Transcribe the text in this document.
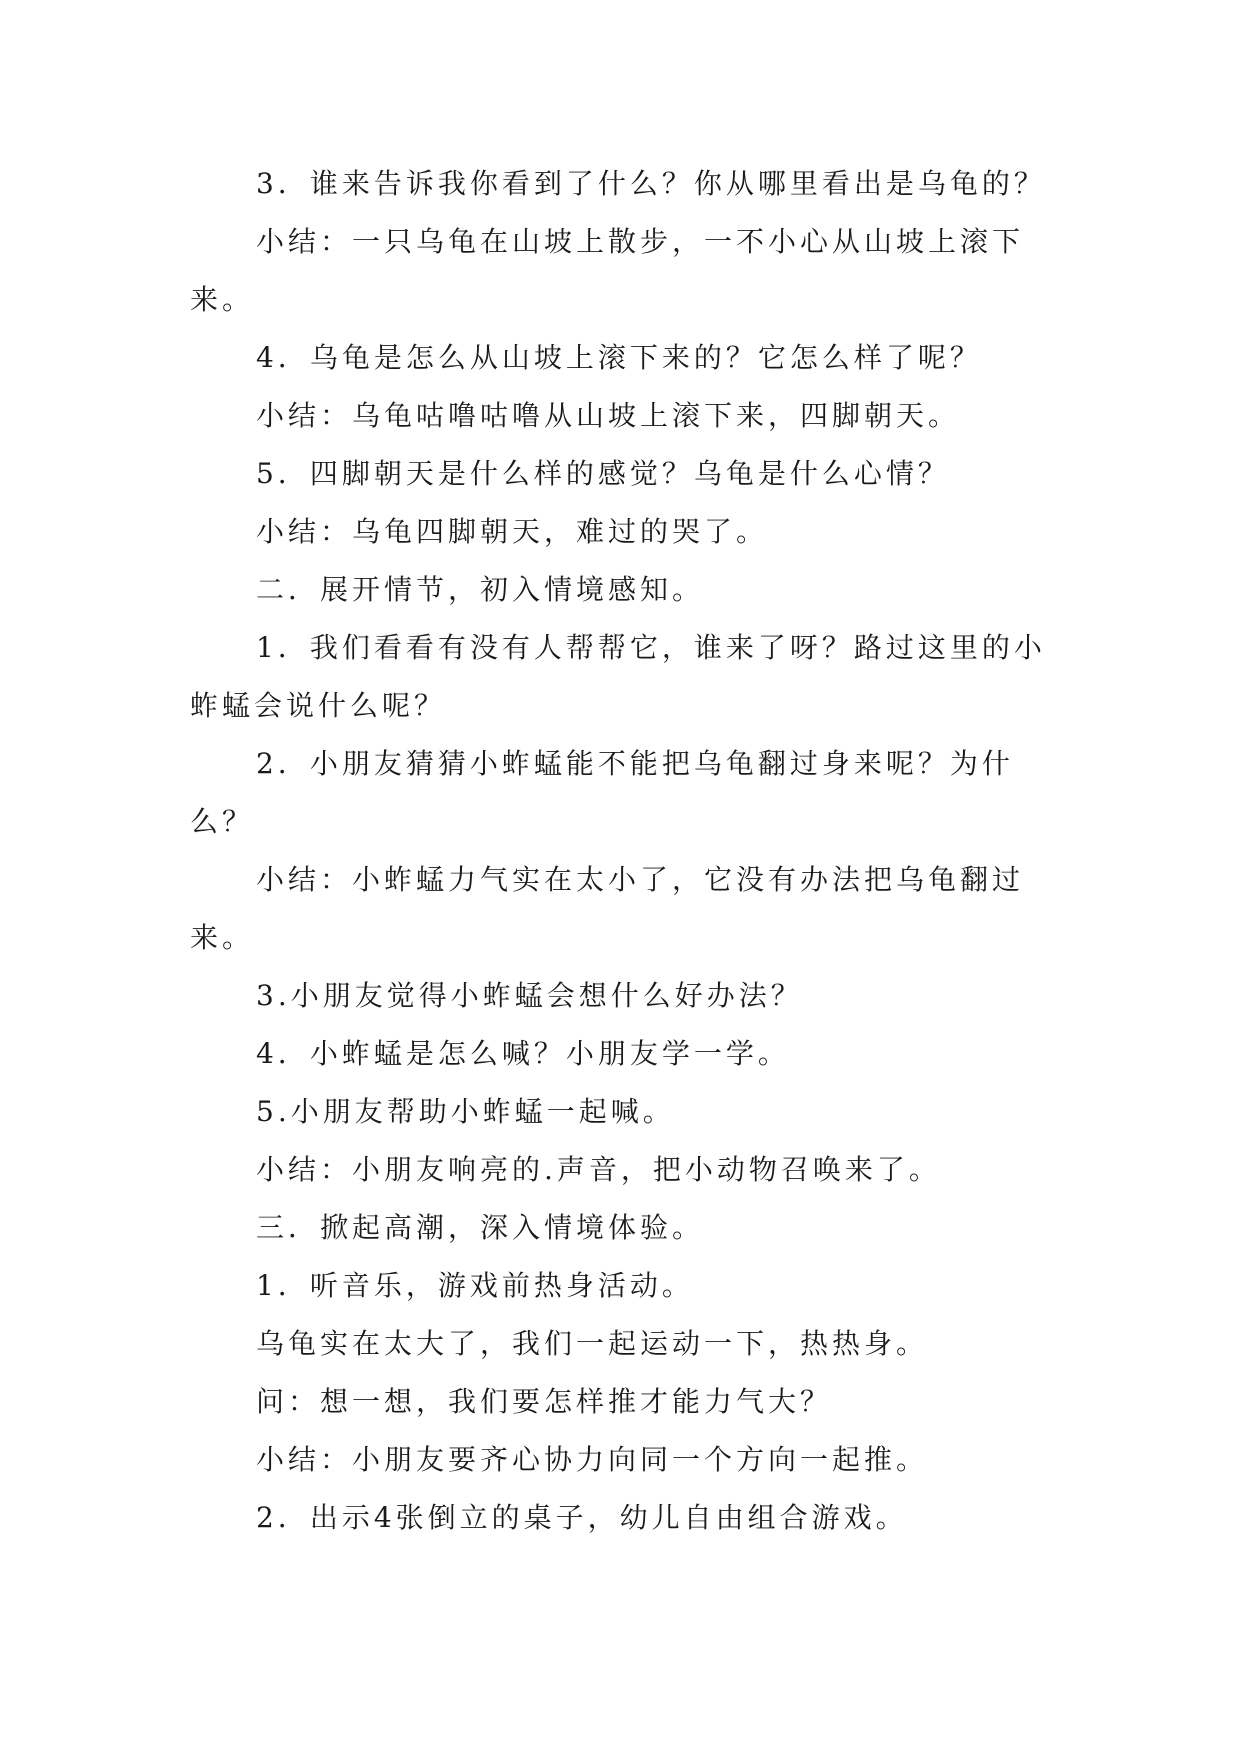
3．谁来告诉我你看到了什么？你从哪里看出是乌龟的？

小结：一只乌龟在山坡上散步，一不小心从山坡上滚下来。

4．乌龟是怎么从山坡上滚下来的？它怎么样了呢？

小结：乌龟咕噜咕噜从山坡上滚下来，四脚朝天。

5．四脚朝天是什么样的感觉？乌龟是什么心情？

小结：乌龟四脚朝天，难过的哭了。

二．展开情节，初入情境感知。

1．我们看看有没有人帮帮它，谁来了呀？路过这里的小蚱蜢会说什么呢？

2．小朋友猜猜小蚱蜢能不能把乌龟翻过身来呢？为什么？

小结：小蚱蜢力气实在太小了，它没有办法把乌龟翻过来。

3.小朋友觉得小蚱蜢会想什么好办法？

4．小蚱蜢是怎么喊？小朋友学一学。

5.小朋友帮助小蚱蜢一起喊。

小结：小朋友响亮的.声音，把小动物召唤来了。

三．掀起高潮，深入情境体验。

1．听音乐，游戏前热身活动。

乌龟实在太大了，我们一起运动一下，热热身。

问：想一想，我们要怎样推才能力气大？

小结：小朋友要齐心协力向同一个方向一起推。

2．出示4张倒立的桌子，幼儿自由组合游戏。
